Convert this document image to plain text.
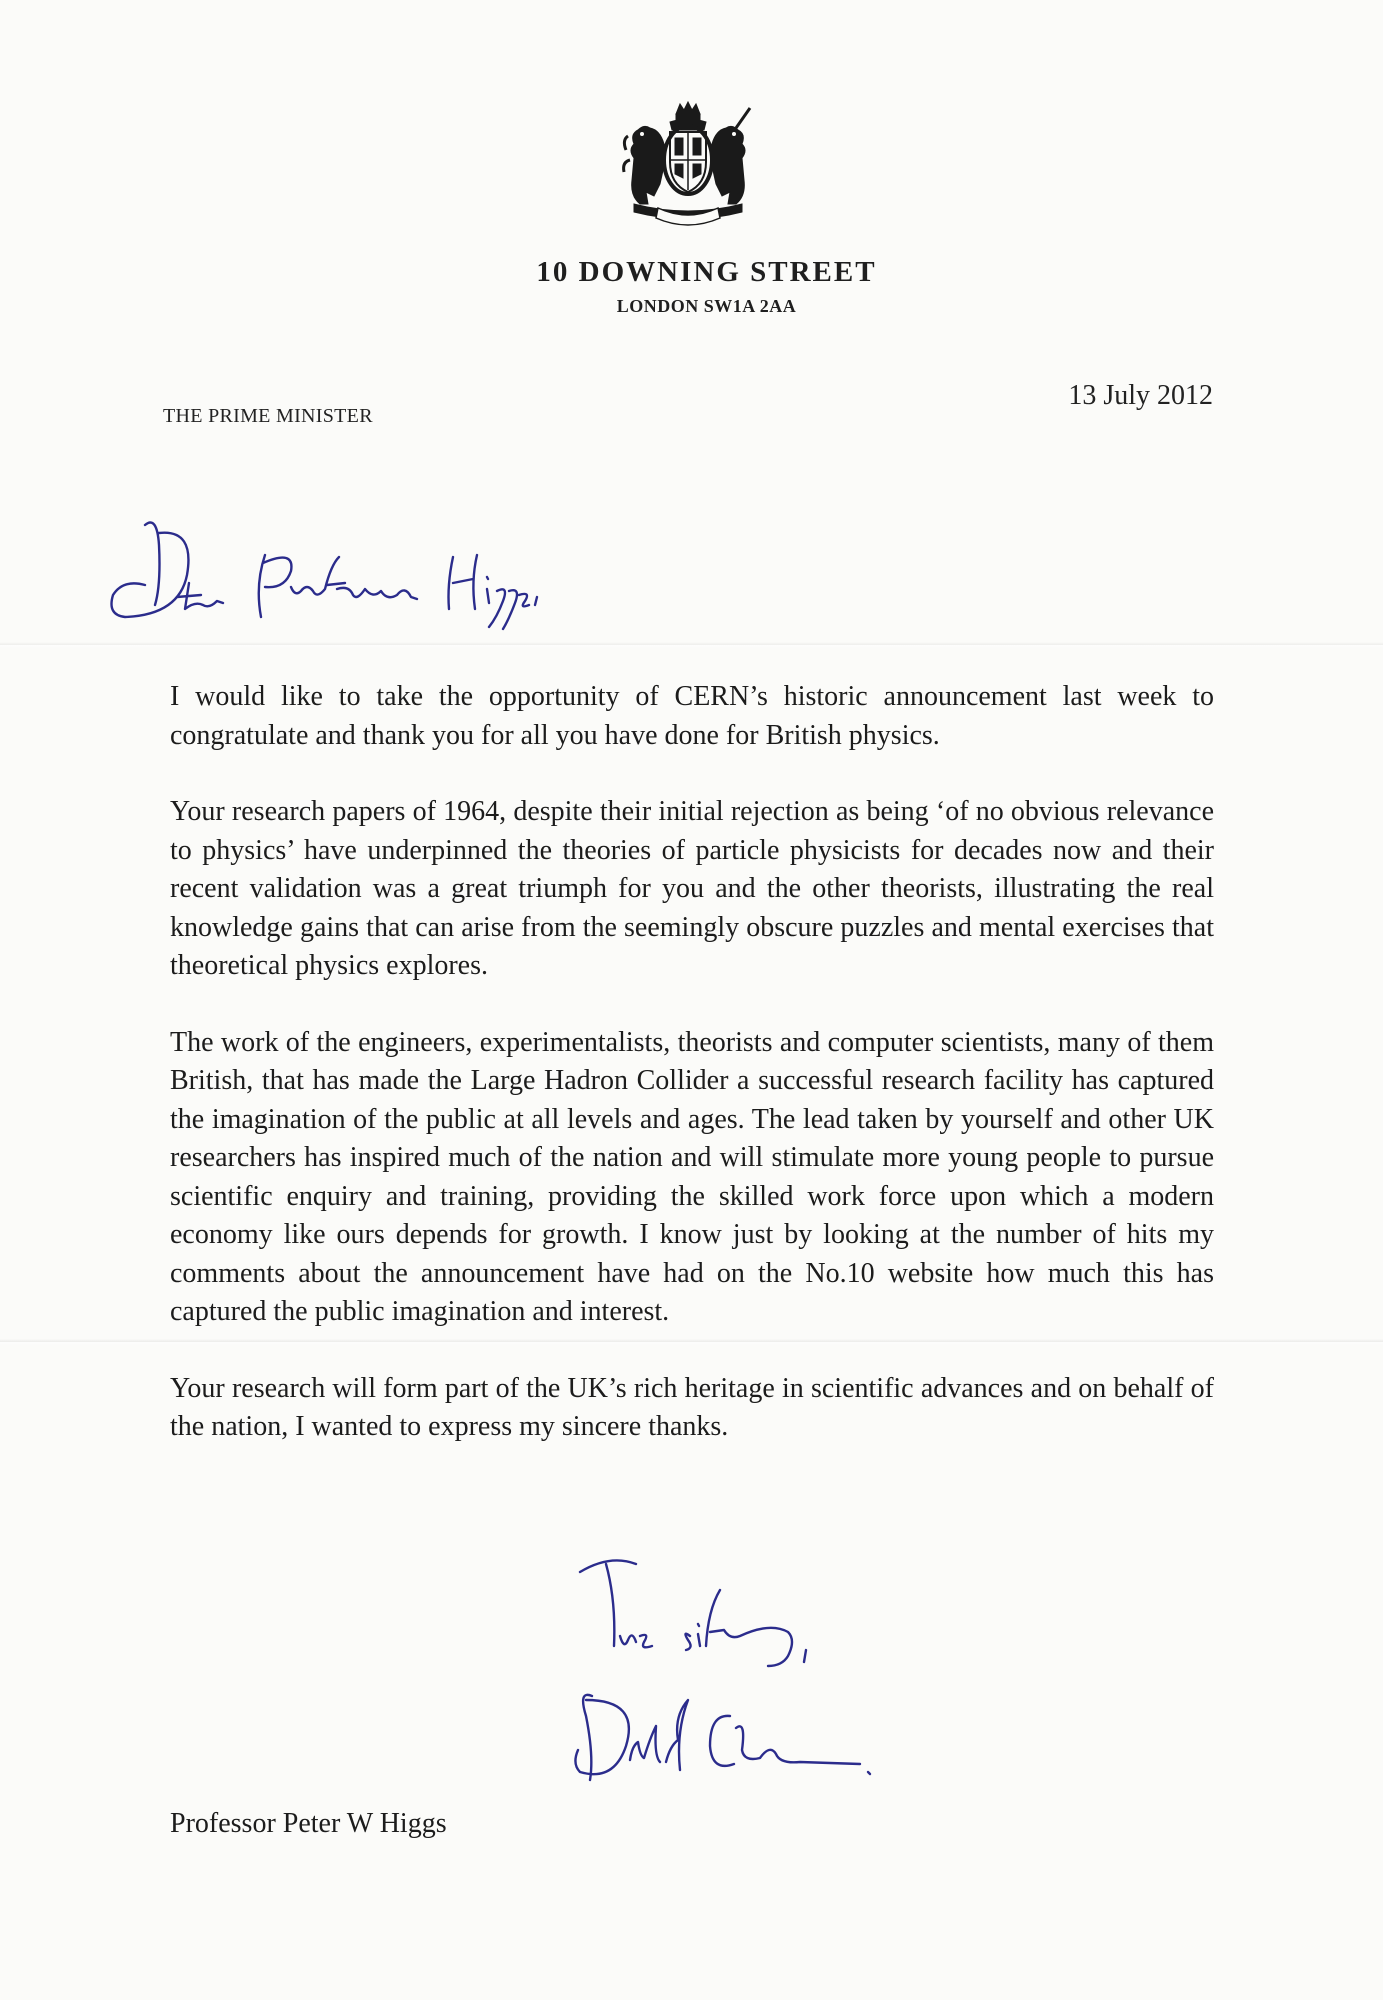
10 DOWNING STREET
LONDON SW1A 2AA
THE PRIME MINISTER
13 July 2012

I would like to take the opportunity of CERN’s historic announcement last week to congratulate and thank you for all you have done for British physics.

Your research papers of 1964, despite their initial rejection as being ‘of no obvious relevance to physics’ have underpinned the theories of particle physicists for decades now and their recent validation was a great triumph for you and the other theorists, illustrating the real knowledge gains that can arise from the seemingly obscure puzzles and mental exercises that theoretical physics explores.

The work of the engineers, experimentalists, theorists and computer scientists, many of them British, that has made the Large Hadron Collider a successful research facility has captured the imagination of the public at all levels and ages. The lead taken by yourself and other UK researchers has inspired much of the nation and will stimulate more young people to pursue scientific enquiry and training, providing the skilled work force upon which a modern economy like ours depends for growth. I know just by looking at the number of hits my comments about the announcement have had on the No.10 website how much this has captured the public imagination and interest.

Your research will form part of the UK’s rich heritage in scientific advances and on behalf of the nation, I wanted to express my sincere thanks.

Professor Peter W Higgs
